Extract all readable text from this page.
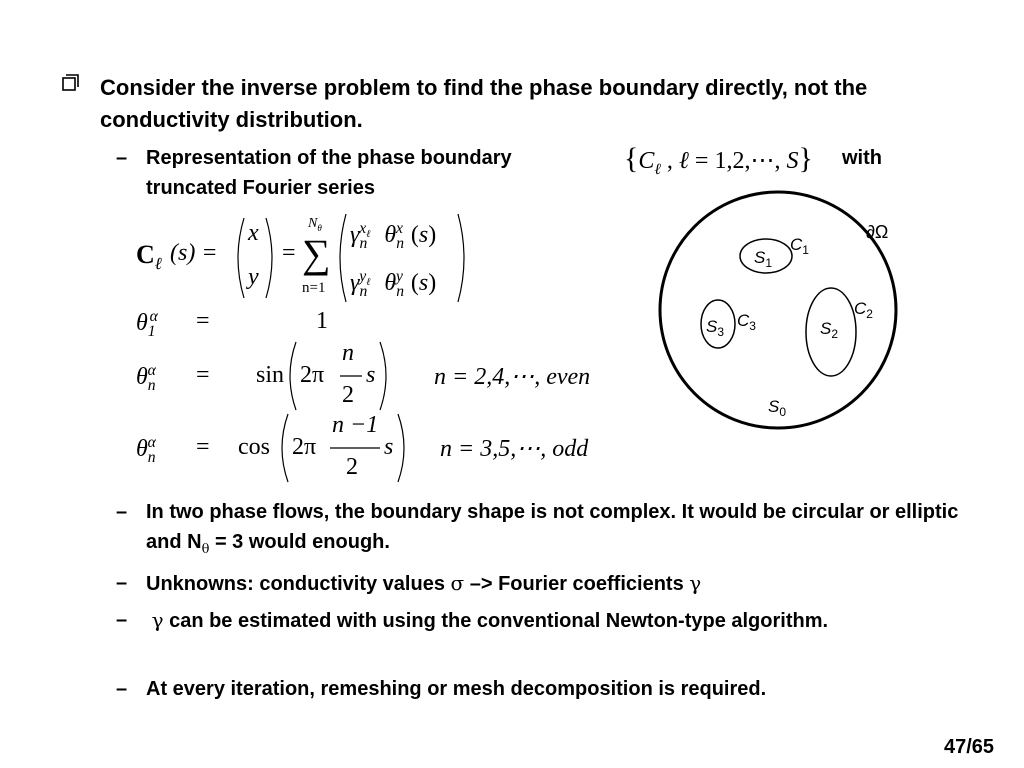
Consider the inverse problem to find the phase boundary directly, not the conductivity distribution.
– Representation of the phase boundary	{$C_\ell$ , ℓ = 1,2,⋯, S} with
truncated Fourier series
$C_\ell$ (s) =
x
y
= ∑
$N_\theta$
n=1
$\gamma_n^{x_\ell}$ $\theta_n^x$ (s)
$\gamma_n^{y_\ell}$ $\theta_n^y$ (s)
$\theta_1^\alpha$ =	1
$\theta_n^\alpha$	= sin 2π
n
2
s n = 2,4,⋯, even
$\theta_n^\alpha$	= cos 2π
n −1
2
s n = 3,5,⋯, odd
∂Ω
$S_1$
$C_1$
$C_2$
$S_2$
$S_3$
$C_3$
$S_0$
– In two phase flows, the boundary shape is not complex. It would be circular or elliptic and $N_\theta = 3$ would enough.
– Unknowns: conductivity values σ –> Fourier coefficients γ
– γ can be estimated with using the conventional Newton-type algorithm.
– At every iteration, remeshing or mesh decomposition is required.
47/65
